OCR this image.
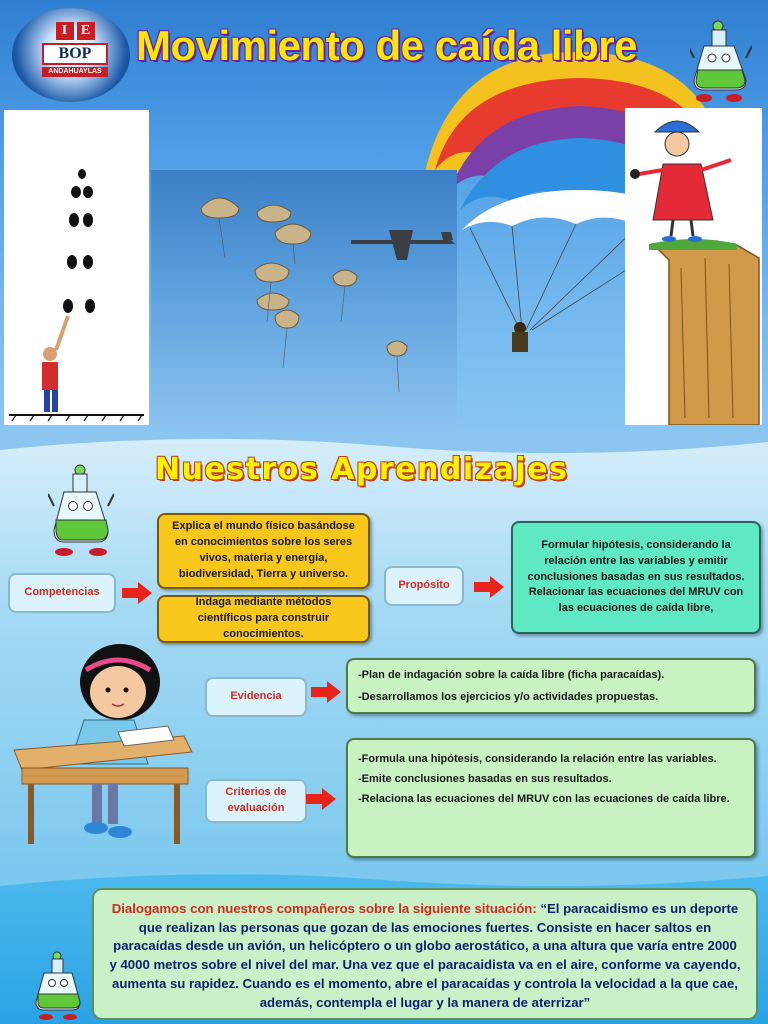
I E
BOP
ANDAHUAYLAS
Movimiento de caída libre
Nuestros Aprendizajes
Competencias
Explica el mundo físico basándose en conocimientos sobre los seres vivos, materia y energía, biodiversidad, Tierra y universo.
Indaga mediante métodos científicos para construir conocimientos.
Propósito
Formular hipótesis, considerando la relación entre las variables y emitir conclusiones basadas en sus resultados. Relacionar las ecuaciones del MRUV con las ecuaciones de caída libre,
Evidencia

-Plan de indagación sobre la caída libre (ficha paracaídas).

-Desarrollamos los ejercicios y/o actividades propuestas.

Criterios de evaluación

-Formula una hipótesis, considerando la relación entre las variables.

-Emite conclusiones basadas en sus resultados.

-Relaciona las ecuaciones del MRUV con las ecuaciones de caída libre.

Dialogamos con nuestros compañeros sobre la siguiente situación: “El paracaidismo es un deporte que realizan las personas que gozan de las emociones fuertes. Consiste en hacer saltos en paracaídas desde un avión, un helicóptero o un globo aerostático, a una altura que varía entre 2000 y 4000 metros sobre el nivel del mar. Una vez que el paracaidista va en el aire, conforme va cayendo, aumenta su rapidez. Cuando es el momento, abre el paracaídas y controla la velocidad a la que cae, además, contempla el lugar y la manera de aterrizar”
